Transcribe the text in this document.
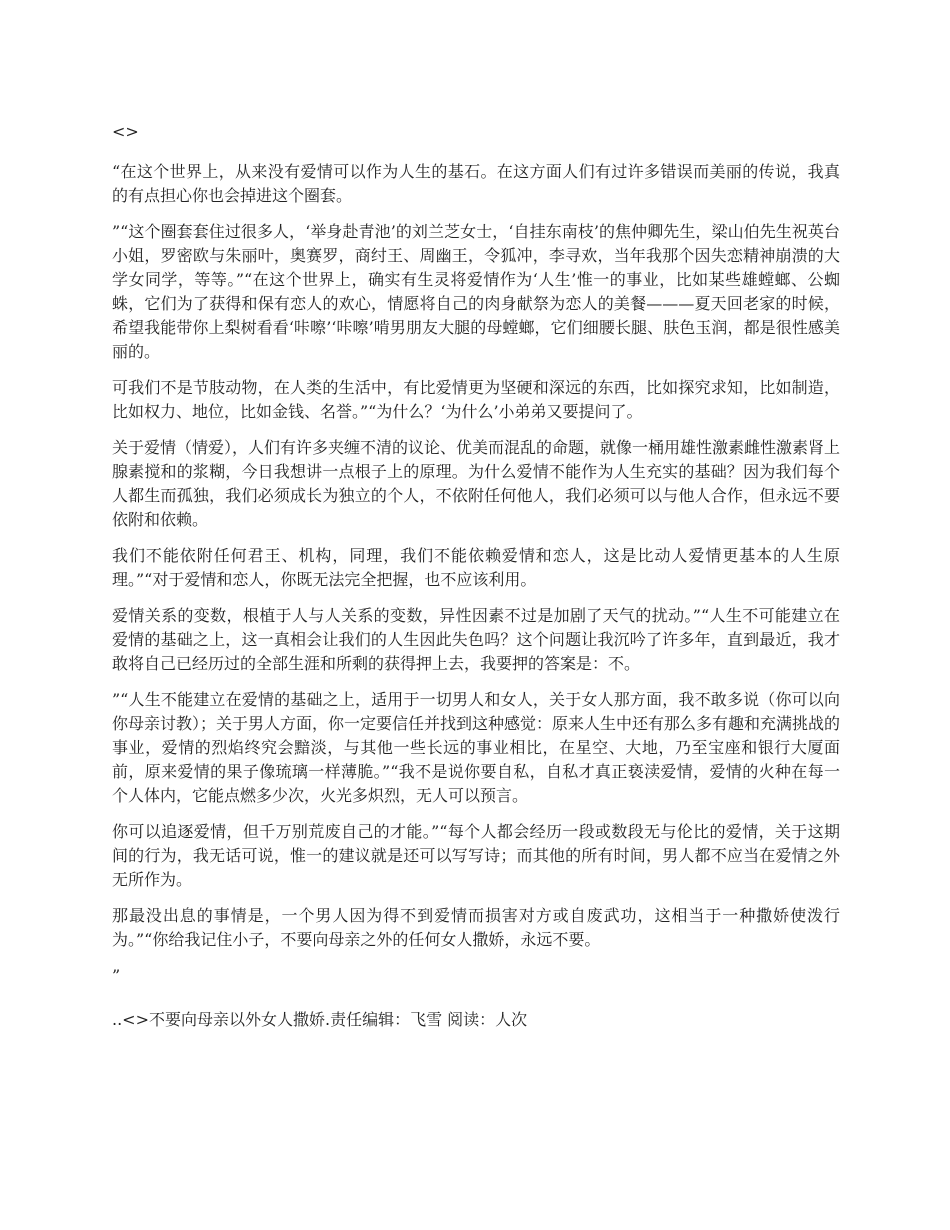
<>

“在这个世界上，从来没有爱情可以作为人生的基石。在这方面人们有过许多错误而美丽的传说，我真的有点担心你也会掉进这个圈套。

”“这个圈套套住过很多人，‘举身赴青池’的刘兰芝女士，‘自挂东南枝’的焦仲卿先生，梁山伯先生祝英台小姐，罗密欧与朱丽叶，奥赛罗，商纣王、周幽王，令狐冲，李寻欢，当年我那个因失恋精神崩溃的大学女同学，等等。”“在这个世界上，确实有生灵将爱情作为‘人生’惟一的事业，比如某些雄螳螂、公蜘蛛，它们为了获得和保有恋人的欢心，情愿将自己的肉身献祭为恋人的美餐———夏天回老家的时候，希望我能带你上梨树看看‘咔嚓’‘咔嚓’啃男朋友大腿的母螳螂，它们细腰长腿、肤色玉润，都是很性感美丽的。

可我们不是节肢动物，在人类的生活中，有比爱情更为坚硬和深远的东西，比如探究求知，比如制造，比如权力、地位，比如金钱、名誉。”“为什么？‘为什么’小弟弟又要提问了。

关于爱情（情爱），人们有许多夹缠不清的议论、优美而混乱的命题，就像一桶用雄性激素雌性激素肾上腺素搅和的浆糊，今日我想讲一点根子上的原理。为什么爱情不能作为人生充实的基础？因为我们每个人都生而孤独，我们必须成长为独立的个人，不依附任何他人，我们必须可以与他人合作，但永远不要依附和依赖。

我们不能依附任何君王、机构，同理，我们不能依赖爱情和恋人，这是比动人爱情更基本的人生原理。”“对于爱情和恋人，你既无法完全把握，也不应该利用。

爱情关系的变数，根植于人与人关系的变数，异性因素不过是加剧了天气的扰动。”“人生不可能建立在爱情的基础之上，这一真相会让我们的人生因此失色吗？这个问题让我沉吟了许多年，直到最近，我才敢将自己已经历过的全部生涯和所剩的获得押上去，我要押的答案是：不。

”“人生不能建立在爱情的基础之上，适用于一切男人和女人，关于女人那方面，我不敢多说（你可以向你母亲讨教）；关于男人方面，你一定要信任并找到这种感觉：原来人生中还有那么多有趣和充满挑战的事业，爱情的烈焰终究会黯淡，与其他一些长远的事业相比，在星空、大地，乃至宝座和银行大厦面前，原来爱情的果子像琉璃一样薄脆。”“我不是说你要自私，自私才真正亵渎爱情，爱情的火种在每一个人体内，它能点燃多少次，火光多炽烈，无人可以预言。

你可以追逐爱情，但千万别荒废自己的才能。”“每个人都会经历一段或数段无与伦比的爱情，关于这期间的行为，我无话可说，惟一的建议就是还可以写写诗；而其他的所有时间，男人都不应当在爱情之外无所作为。

那最没出息的事情是，一个男人因为得不到爱情而损害对方或自废武功，这相当于一种撒娇使泼行为。”“你给我记住小子，不要向母亲之外的任何女人撒娇，永远不要。

”

..<>不要向母亲以外女人撒娇.责任编辑：飞雪 阅读：人次
